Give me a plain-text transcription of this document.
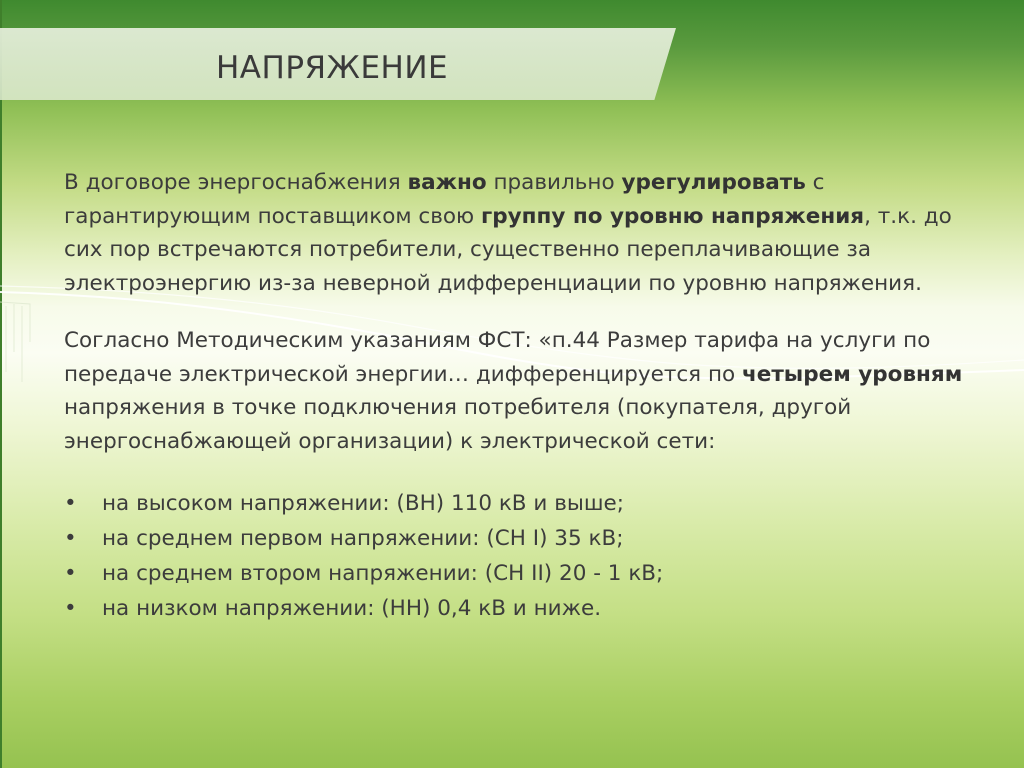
НАПРЯЖЕНИЕ

В договоре энергоснабжения важно правильно урегулировать с гарантирующим поставщиком свою группу по уровню напряжения, т.к. до сих пор встречаются потребители, существенно переплачивающие за электроэнергию из-за неверной дифференциации по уровню напряжения.

Согласно Методическим указаниям ФСТ: «п.44 Размер тарифа на услуги по передаче электрической энергии… дифференцируется по четырем уровням напряжения в точке подключения потребителя (покупателя, другой энергоснабжающей организации) к электрической сети:

• на высоком напряжении: (ВН) 110 кВ и выше;
• на среднем первом напряжении: (СН I) 35 кВ;
• на среднем втором напряжении: (СН II) 20 - 1 кВ;
• на низком напряжении: (НН) 0,4 кВ и ниже.
